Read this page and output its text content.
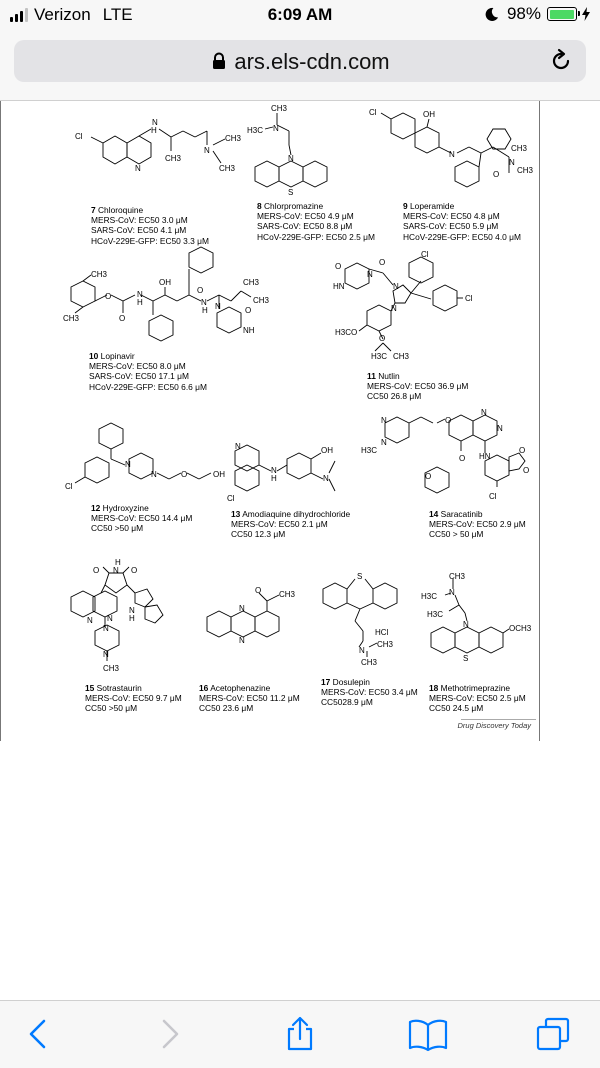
Verizon LTE	6:09 AM	98%
ars.els-cdn.com
Cl
N
H
N
CH3
N
CH3
CH3
7 Chloroquine
MERS-CoV: EC50 3.0 μM
SARS-CoV: EC50 4.1 μM
HCoV-229E-GFP: EC50 3.3 μM
CH3
H3C N
N
S
8 Chlorpromazine
MERS-CoV: EC50 4.9 μM
SARS-CoV: EC50 8.8 μM
HCoV-229E-GFP: EC50 2.5 μM
Cl	OH
N
CH3
N
CH3
O
9 Loperamide
MERS-CoV: EC50 4.8 μM
SARS-CoV: EC50 5.9 μM
HCoV-229E-GFP: EC50 4.0 μM
CH3
O
OH	CH3
CH3
CH3	O
N
H	N
O
H	O
N
NH
10 Lopinavir
MERS-CoV: EC50 8.0 μM
SARS-CoV: EC50 17.1 μM
HCoV-229E-GFP: EC50 6.6 μM
O
N
HN
O
N
Cl
N
Cl
H3CO
O
H3C CH3
11 Nutlin
MERS-CoV: EC50 36.9 μM
CC50 26.8 μM
Cl
N
N	O	OH
12 Hydroxyzine
MERS-CoV: EC50 14.4 μM
CC50 >50 μM
OH
N
H	N
N
Cl
13 Amodiaquine dihydrochloride
MERS-CoV: EC50 2.1 μM
CC50 12.3 μM
N
N
O
N
H3C
N
O HN
O
O
O
Cl
14 Saracatinib
MERS-CoV: EC50 2.9 μM
CC50 > 50 μM
O
H
N O
N N
N
H
N
N
CH3
15 Sotrastaurin
MERS-CoV: EC50 9.7 μM
CC50 >50 μM
O CH3
N
N
16 Acetophenazine
MERS-CoV: EC50 11.2 μM
CC50 23.6 μM
S
HCl
N
CH3
CH3
17 Dosulepin
MERS-CoV: EC50 3.4 μM
CC5028.9 μM
CH3
H3C N
H3C
N	OCH3
S
18 Methotrimeprazine
MERS-CoV: EC50 2.5 μM
CC50 24.5 μM
Drug Discovery Today
